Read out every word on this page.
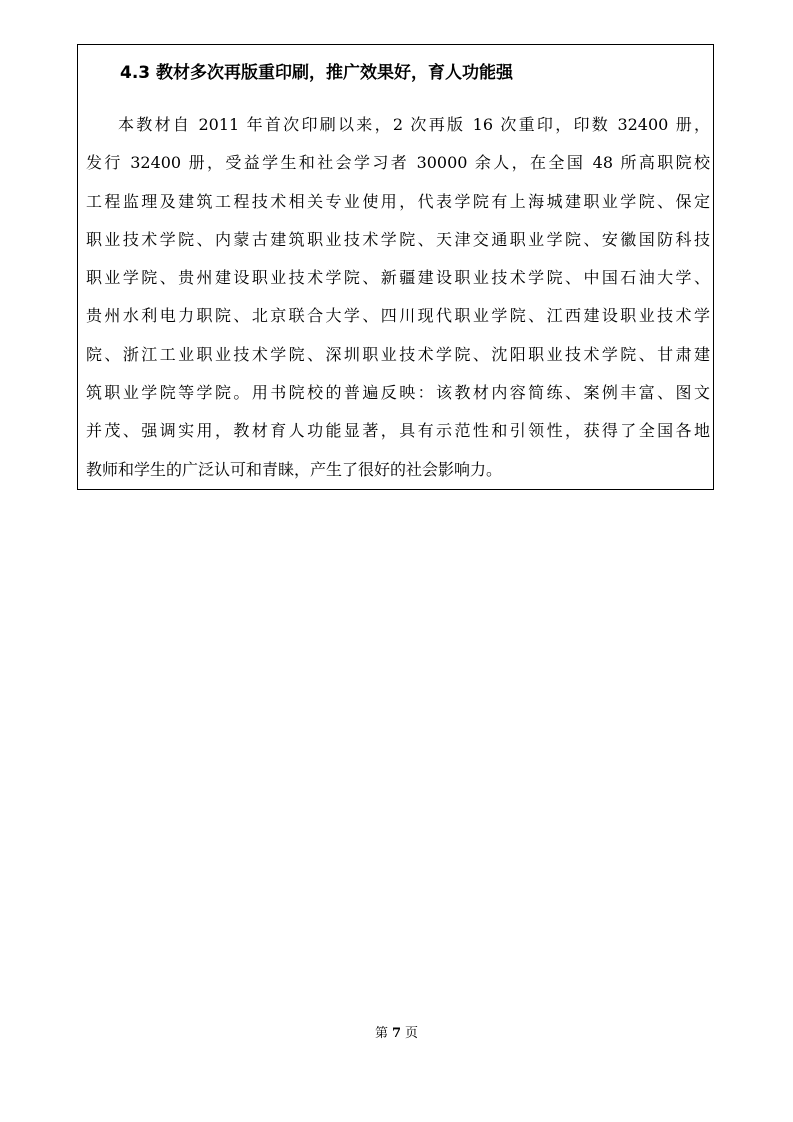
4.3 教材多次再版重印刷，推广效果好，育人功能强
本教材自 2011 年首次印刷以来，2 次再版 16 次重印，印数 32400 册，
发行 32400 册，受益学生和社会学习者 30000 余人，在全国 48 所高职院校
工程监理及建筑工程技术相关专业使用，代表学院有上海城建职业学院、保定
职业技术学院、内蒙古建筑职业技术学院、天津交通职业学院、安徽国防科技
职业学院、贵州建设职业技术学院、新疆建设职业技术学院、中国石油大学、
贵州水利电力职院、北京联合大学、四川现代职业学院、江西建设职业技术学
院、浙江工业职业技术学院、深圳职业技术学院、沈阳职业技术学院、甘肃建
筑职业学院等学院。用书院校的普遍反映：该教材内容简练、案例丰富、图文
并茂、强调实用，教材育人功能显著，具有示范性和引领性，获得了全国各地
教师和学生的广泛认可和青睐，产生了很好的社会影响力。
第 7 页
